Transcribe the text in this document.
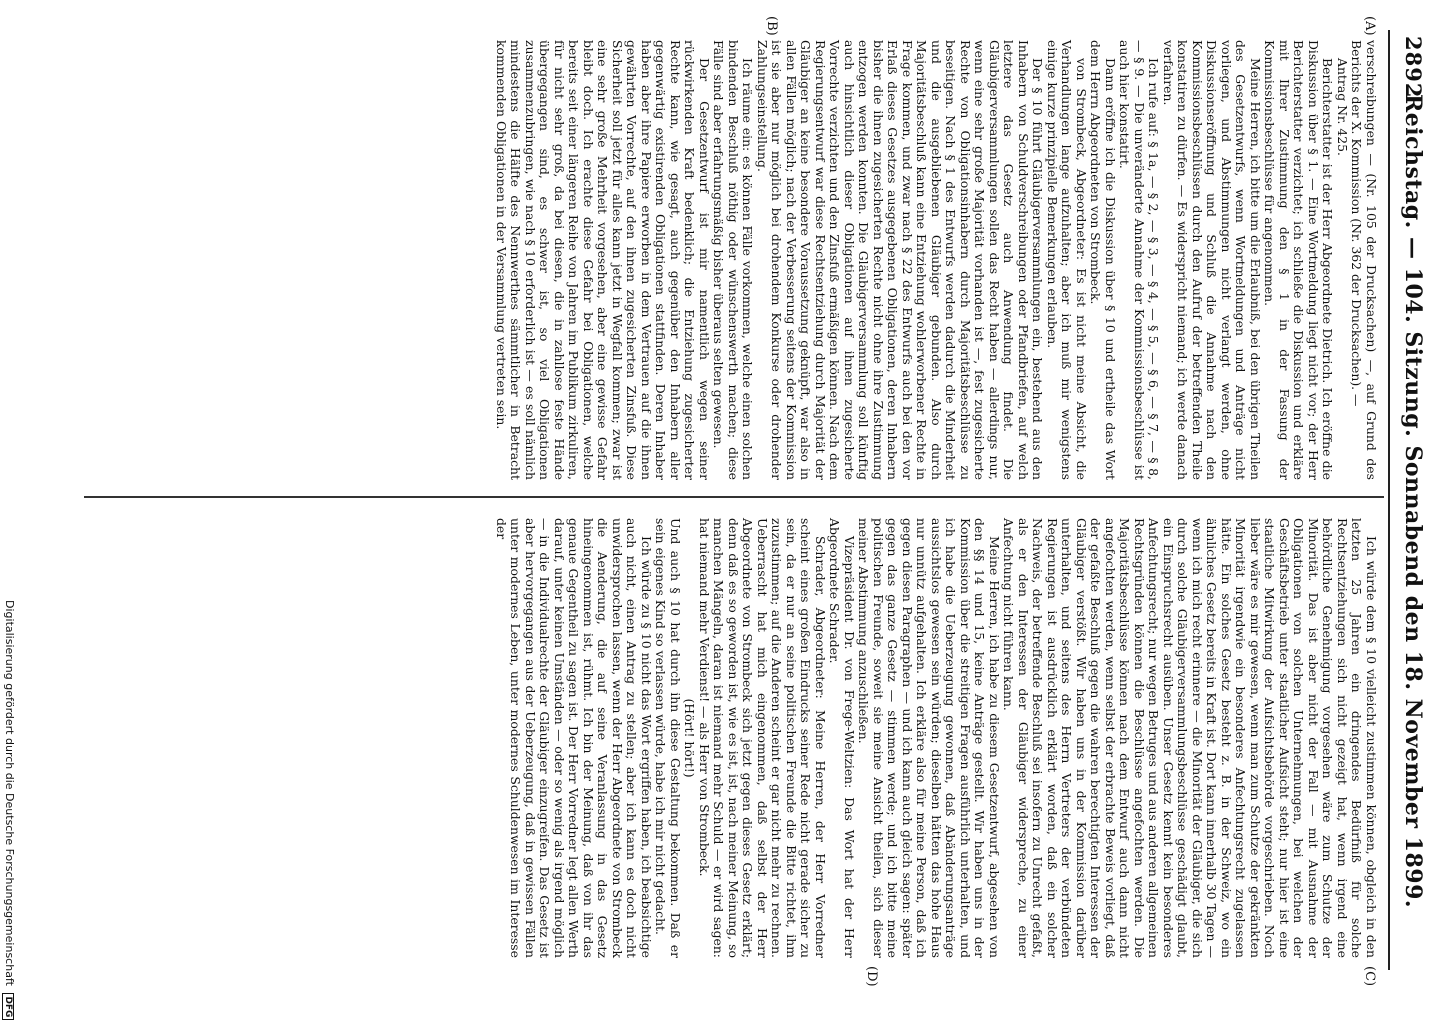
2892
Reichstag. — 104. Sitzung. Sonnabend den 18. November 1899.
(A)
(B)

verschreibungen — (Nr. 105 der Drucksachen) —, auf Grund des Berichts der X. Kommission (Nr. 362 der Drucksachen). —

Antrag Nr. 425.

Berichterstatter ist der Herr Abgeordnete Dietrich. Ich eröffne die Diskussion über § 1. — Eine Wortmeldung liegt nicht vor; der Herr Berichterstatter verzichtet; ich schließe die Diskussion und erkläre mit Ihrer Zustimmung den § 1 in der Fassung der Kommissionsbeschlüsse für angenommen.

Meine Herren, ich bitte um die Erlaubniß, bei den übrigen Theilen des Gesetzentwurfs, wenn Wortmeldungen und Anträge nicht vorliegen, und Abstimmungen nicht verlangt werden, ohne Diskussionseröffnung und Schluß die Annahme nach den Kommissionsbeschlüssen durch den Aufruf der betreffenden Theile konstatiren zu dürfen. — Es widerspricht niemand; ich werde danach verfahren.

Ich rufe auf: § 1a, — § 2, — § 3, — § 4, — § 5, — § 6, — § 7, — § 8, — § 9. — Die unveränderte Annahme der Kommissionsbeschlüsse ist auch hier konstatirt.

Dann eröffne ich die Diskussion über § 10 und ertheile das Wort dem Herrn Abgeordneten von Strombeck.

von Strombeck, Abgeordneter: Es ist nicht meine Absicht, die Verhandlungen lange aufzuhalten; aber ich muß mir wenigstens einige kurze prinzipielle Bemerkungen erlauben.

Der § 10 führt Gläubigerversammlungen ein, bestehend aus den Inhabern von Schuldverschreibungen oder Pfandbriefen, auf welch letztere das Gesetz auch Anwendung findet. Die Gläubigerversammlungen sollen das Recht haben — allerdings nur, wenn eine sehr große Majorität vorhanden ist —, fest zugesicherte Rechte von Obligationsinhabern durch Majoritätsbeschlüsse zu beseitigen. Nach § 1 des Entwurfs werden dadurch die Minderheit und die ausgebliebenen Gläubiger gebunden. Also durch Majoritätsbeschluß kann eine Entziehung wohlerworbener Rechte in Frage kommen, und zwar nach § 22 des Entwurfs auch bei den vor Erlaß dieses Gesetzes ausgegebenen Obligationen, deren Inhabern bisher die ihnen zugesicherten Rechte nicht ohne ihre Zustimmung entzogen werden konnten. Die Gläubigerversammlung soll künftig auch hinsichtlich dieser Obligationen auf ihnen zugesicherte Vorrechte verzichten und den Zinsfuß ermäßigen können. Nach dem Regierungsentwurf war diese Rechtsentziehung durch Majorität der Gläubiger an keine besondere Voraussetzung geknüpft, war also in allen Fällen möglich; nach der Verbesserung seitens der Kommission ist sie aber nur möglich bei drohendem Konkurse oder drohender Zahlungseinstellung.

Ich räume ein: es können Fälle vorkommen, welche einen solchen bindenden Beschluß nöthig oder wünschenswerth machen; diese Fälle sind aber erfahrungsmäßig bisher überaus selten gewesen.

Der Gesetzentwurf ist mir namentlich wegen seiner rückwirkenden Kraft bedenklich; die Entziehung zugesicherter Rechte kann, wie gesagt, auch gegenüber den Inhabern aller gegenwärtig existirenden Obligationen stattfinden. Deren Inhaber haben aber ihre Papiere erworben in dem Vertrauen auf die ihnen gewährten Vorrechte, auf den ihnen zugesicherten Zinsfuß. Diese Sicherheit soll jetzt für alles kann jetzt in Wegfall kommen; zwar ist eine sehr große Mehrheit vorgesehen, aber eine gewisse Gefahr bleibt doch. Ich erachte diese Gefahr bei Obligationen, welche bereits seit einer längeren Reihe von Jahren im Publikum zirkuliren, für nicht sehr groß, da bei diesen, die in zahllose feste Hände übergegangen sind, es schwer ist, so viel Obligationen zusammenzubringen, wie nach § 10 erforderlich ist — es soll nämlich mindestens die Hälfte des Nennwerthes sämmtlicher in Betracht kommenden Obligationen in der Versammlung vertreten sein.

(C)
(D)

Ich würde dem § 10 vielleicht zustimmen können, obgleich in den letzten 25 Jahren ein dringendes Bedürfniß für solche Rechtsentziehungen sich nicht gezeigt hat, wenn irgend eine behördliche Genehmigung vorgesehen wäre zum Schutze der Minorität. Das ist aber nicht der Fall — mit Ausnahme der Obligationen von solchen Unternehmungen, bei welchen der Geschäftsbetrieb unter staatlicher Aufsicht steht; nur hier ist eine staatliche Mitwirkung der Aufsichtsbehörde vorgeschrieben. Noch lieber wäre es mir gewesen, wenn man zum Schutze der gekränkten Minorität irgendwie ein besonderes Anfechtungsrecht zugelassen hätte. Ein solches Gesetz besteht z. B. in der Schweiz, wo ein ähnliches Gesetz bereits in Kraft ist. Dort kann innerhalb 30 Tagen — wenn ich mich recht erinnere — die Minorität der Gläubiger, die sich durch solche Gläubigerversammlungsbeschlüsse geschädigt glaubt, ein Einspruchsrecht ausüben. Unser Gesetz kennt kein besonderes Anfechtungsrecht; nur wegen Betruges und aus anderen allgemeinen Rechtsgründen können die Beschlüsse angefochten werden. Die Majoritätsbeschlüsse können nach dem Entwurf auch dann nicht angefochten werden, wenn selbst der erbrachte Beweis vorliegt, daß der gefaßte Beschluß gegen die wahren berechtigten Interessen der Gläubiger verstößt. Wir haben uns in der Kommission darüber unterhalten, und seitens des Herrn Vertreters der verbündeten Regierungen ist ausdrücklich erklärt worden, daß ein solcher Nachweis, der betreffende Beschluß sei insofern zu Unrecht gefaßt, als er den Interessen der Gläubiger widerspreche, zu einer Anfechtung nicht führen kann.

Meine Herren, ich habe zu diesem Gesetzentwurf, abgesehen von den §§ 14 und 15, keine Anträge gestellt. Wir haben uns in der Kommission über die streitigen Fragen ausführlich unterhalten, und ich habe die Ueberzeugung gewonnen, daß Abänderungsanträge aussichtslos gewesen sein würden; dieselben hätten das hohe Haus nur unnütz aufgehalten. Ich erkläre also für meine Person, daß ich gegen diesen Paragraphen — und ich kann auch gleich sagen: später gegen das ganze Gesetz — stimmen werde; und ich bitte meine politischen Freunde, soweit sie meine Ansicht theilen, sich dieser meiner Abstimmung anzuschließen.

Vizepräsident Dr. von Frege-Weltzien: Das Wort hat der Herr Abgeordnete Schrader.

Schrader, Abgeordneter: Meine Herren, der Herr Vorredner scheint eines großen Eindrucks seiner Rede nicht gerade sicher zu sein, da er nur an seine politischen Freunde die Bitte richtet, ihm zuzustimmen; auf die Anderen scheint er gar nicht mehr zu rechnen. Ueberrascht hat mich eingenommen, daß selbst der Herr Abgeordnete von Strombeck sich jetzt gegen dieses Gesetz erklärt; denn daß es so geworden ist, wie es ist, ist, nach meiner Meinung, so manchen Mängeln, daran ist niemand mehr Schuld — er wird sagen: hat niemand mehr Verdienst! — als Herr von Strombeck.

(Hört! hört!)

Und auch § 10 hat durch ihn diese Gestaltung bekommen. Daß er sein eigenes Kind so verlassen würde, habe ich mir nicht gedacht.

Ich würde zu § 10 nicht das Wort ergriffen haben, ich beabsichtige auch nicht, einen Antrag zu stellen; aber ich kann es doch nicht unwidersprochen lassen, wenn der Herr Abgeordnete von Strombeck die Aenderung, die auf seine Veranlassung in das Gesetz hineingenommen ist, rühmt. Ich bin der Meinung, daß von ihr das genaue Gegentheil zu sagen ist. Der Herr Vorredner legt allen Werth darauf, unter keinen Umständen — oder so wenig als irgend möglich — in die Individualrechte der Gläubiger einzugreifen. Das Gesetz ist aber hervorgegangen aus der Ueberzeugung, daß in gewissen Fällen unter modernes Leben, unter modernes Schuldenwesen im Interesse der

Digitalisierung gefördert durch die Deutsche Forschungsgemeinschaft DFG
